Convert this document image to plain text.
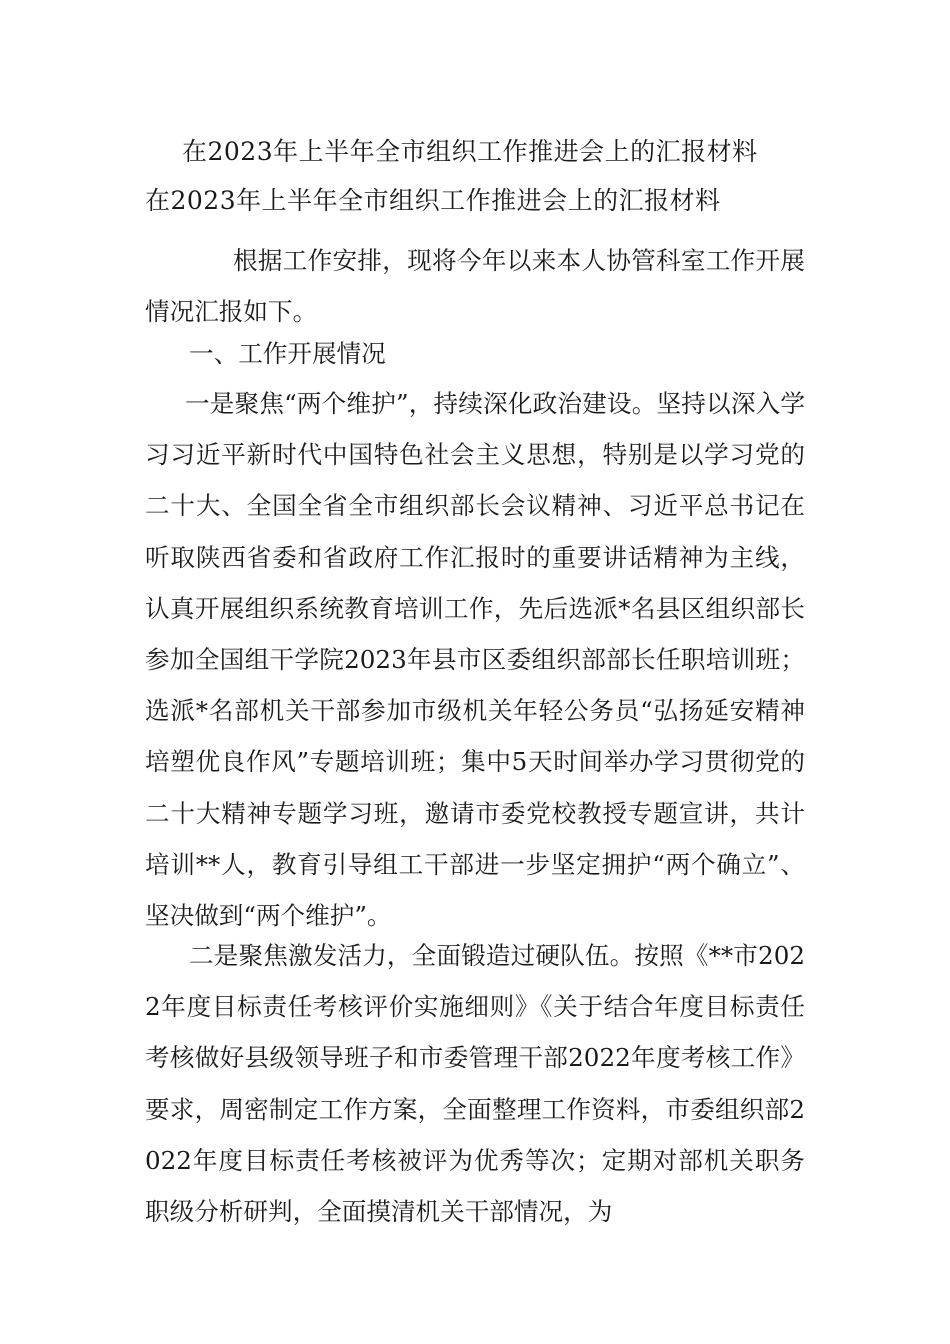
在2023年上半年全市组织工作推进会上的汇报材料
在2023年上半年全市组织工作推进会上的汇报材料

根据工作安排，现将今年以来本人协管科室工作开展情况汇报如下。

一、工作开展情况

一是聚焦“两个维护”，持续深化政治建设。坚持以深入学习习近平新时代中国特色社会主义思想，特别是以学习党的二十大、全国全省全市组织部长会议精神、习近平总书记在听取陕西省委和省政府工作汇报时的重要讲话精神为主线，认真开展组织系统教育培训工作，先后选派*名县区组织部长参加全国组干学院2023年县市区委组织部部长任职培训班；选派*名部机关干部参加市级机关年轻公务员“弘扬延安精神培塑优良作风”专题培训班；集中5天时间举办学习贯彻党的二十大精神专题学习班，邀请市委党校教授专题宣讲，共计培训**人，教育引导组工干部进一步坚定拥护“两个确立”、坚决做到“两个维护”。

二是聚焦激发活力，全面锻造过硬队伍。按照《**市2022年度目标责任考核评价实施细则》《关于结合年度目标责任考核做好县级领导班子和市委管理干部2022年度考核工作》要求，周密制定工作方案，全面整理工作资料，市委组织部2022年度目标责任考核被评为优秀等次；定期对部机关职务职级分析研判，全面摸清机关干部情况，为
